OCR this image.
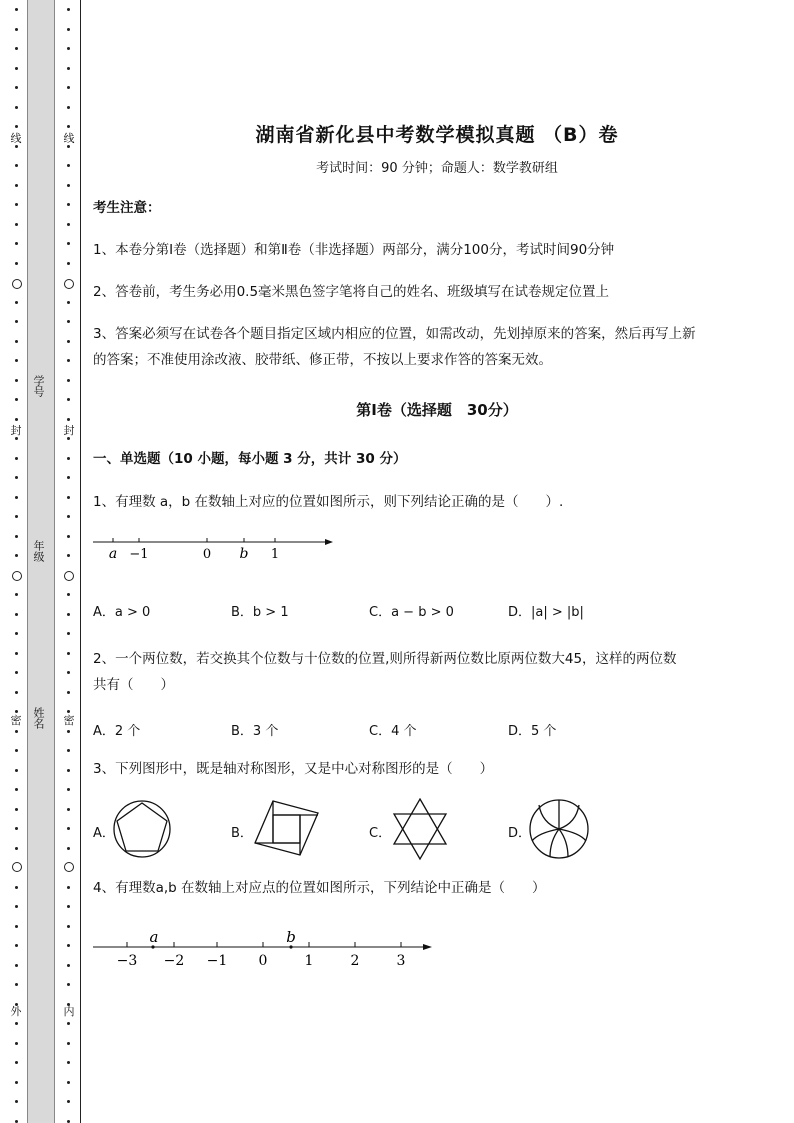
线
封
密
外
线
封
密
内
学号
年级
姓名
湖南省新化县中考数学模拟真题 （B）卷
考试时间：90 分钟；命题人：数学教研组
考生注意：
1、本卷分第Ⅰ卷（选择题）和第Ⅱ卷（非选择题）两部分，满分100分，考试时间90分钟
2、答卷前，考生务必用0.5毫米黑色签字笔将自己的姓名、班级填写在试卷规定位置上
3、答案必须写在试卷各个题目指定区域内相应的位置，如需改动，先划掉原来的答案，然后再写上新
的答案；不准使用涂改液、胶带纸、修正带，不按以上要求作答的答案无效。
第Ⅰ卷（选择题　30分）
一、单选题（10 小题，每小题 3 分，共计 30 分）
1、有理数 a，b 在数轴上对应的位置如图所示，则下列结论正确的是（　　）.
a −1	0 b 1
A．a > 0	B．b > 1	C．a − b > 0	D．|a| > |b|
2、一个两位数，若交换其个位数与十位数的位置,则所得新两位数比原两位数大45，这样的两位数
共有（　　）
A．2 个	B．3 个	C．4 个	D．5 个
3、下列图形中，既是轴对称图形，又是中心对称图形的是（　　）
A．	B．	C．	D．
4、有理数a,b 在数轴上对应点的位置如图所示，下列结论中正确是（　　）
a	b
−3 −2 −1 0	1	2	3
